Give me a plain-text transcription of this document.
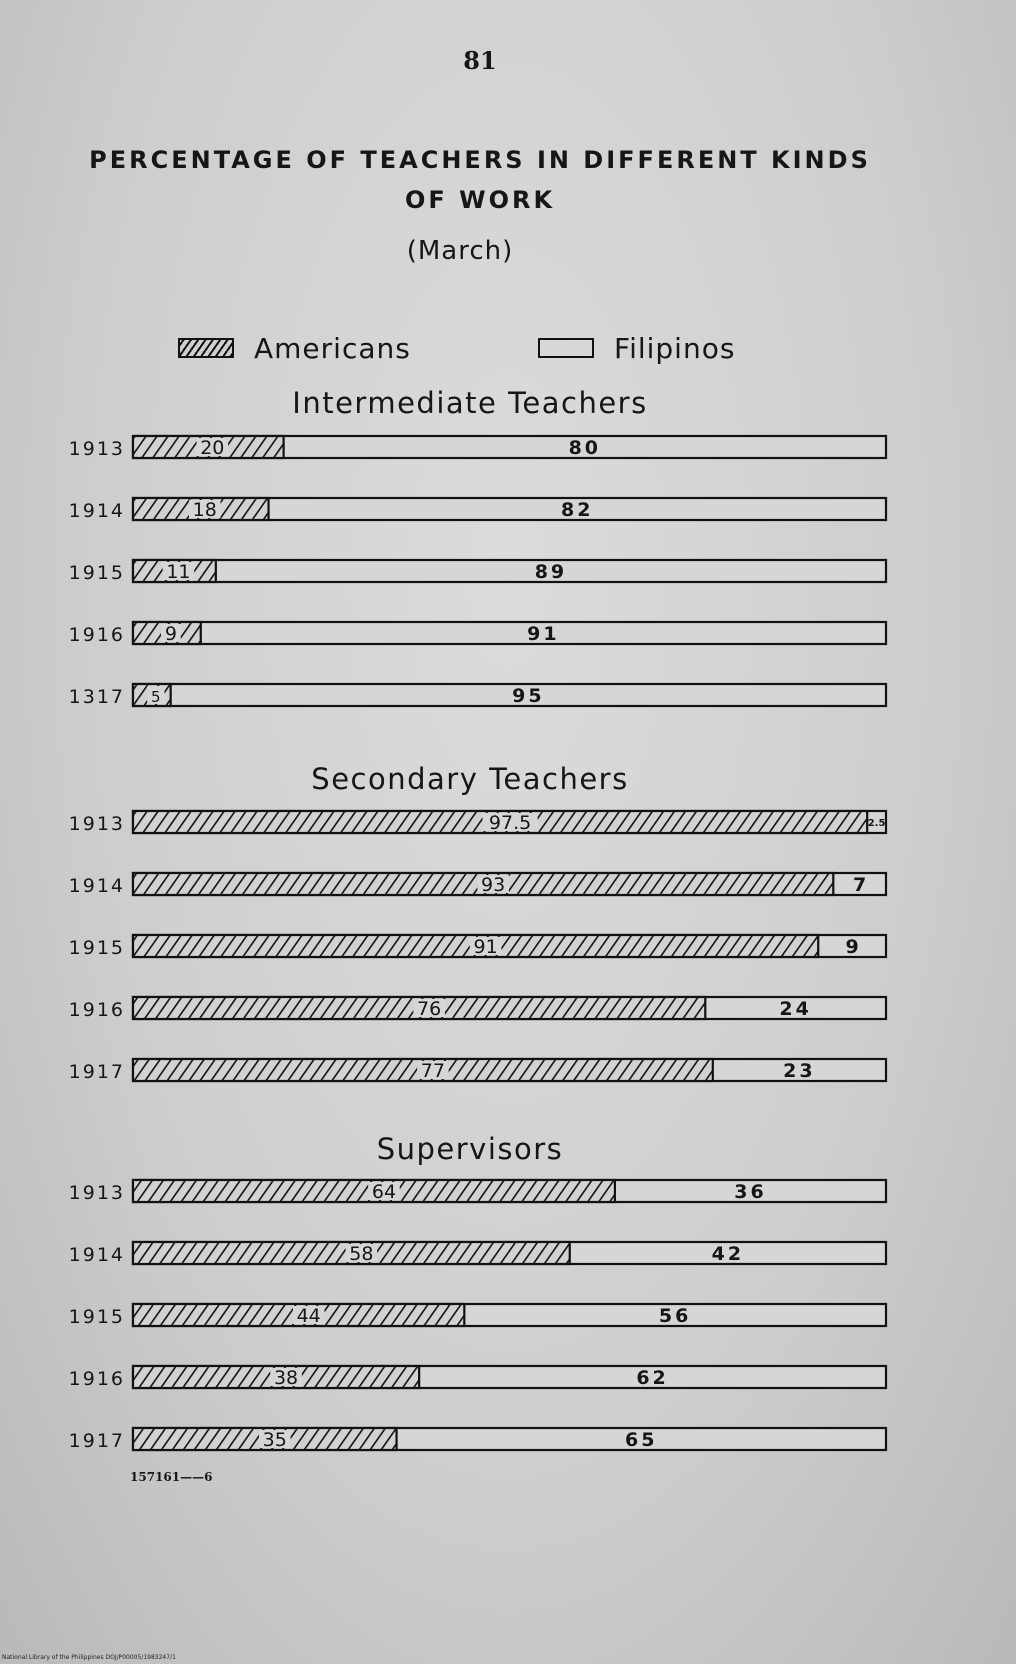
81
PERCENTAGE OF TEACHERS IN DIFFERENT KINDS
OF WORK
(March)
Americans	Filipinos
Intermediate Teachers
Secondary Teachers
Supervisors
1913	20	80
1914	18	82
1915 11	89
1916 9	91
1317 5	95
1913	97.5	2.5
1914	93	7
1915	91	9
1916	76	24
1917	77	23
1913	64	36
1914	58	42
1915	44	56
1916	38	62
1917	35	65
157161——6
National Library of the Philippines DOJ/P00005/1983247/1
